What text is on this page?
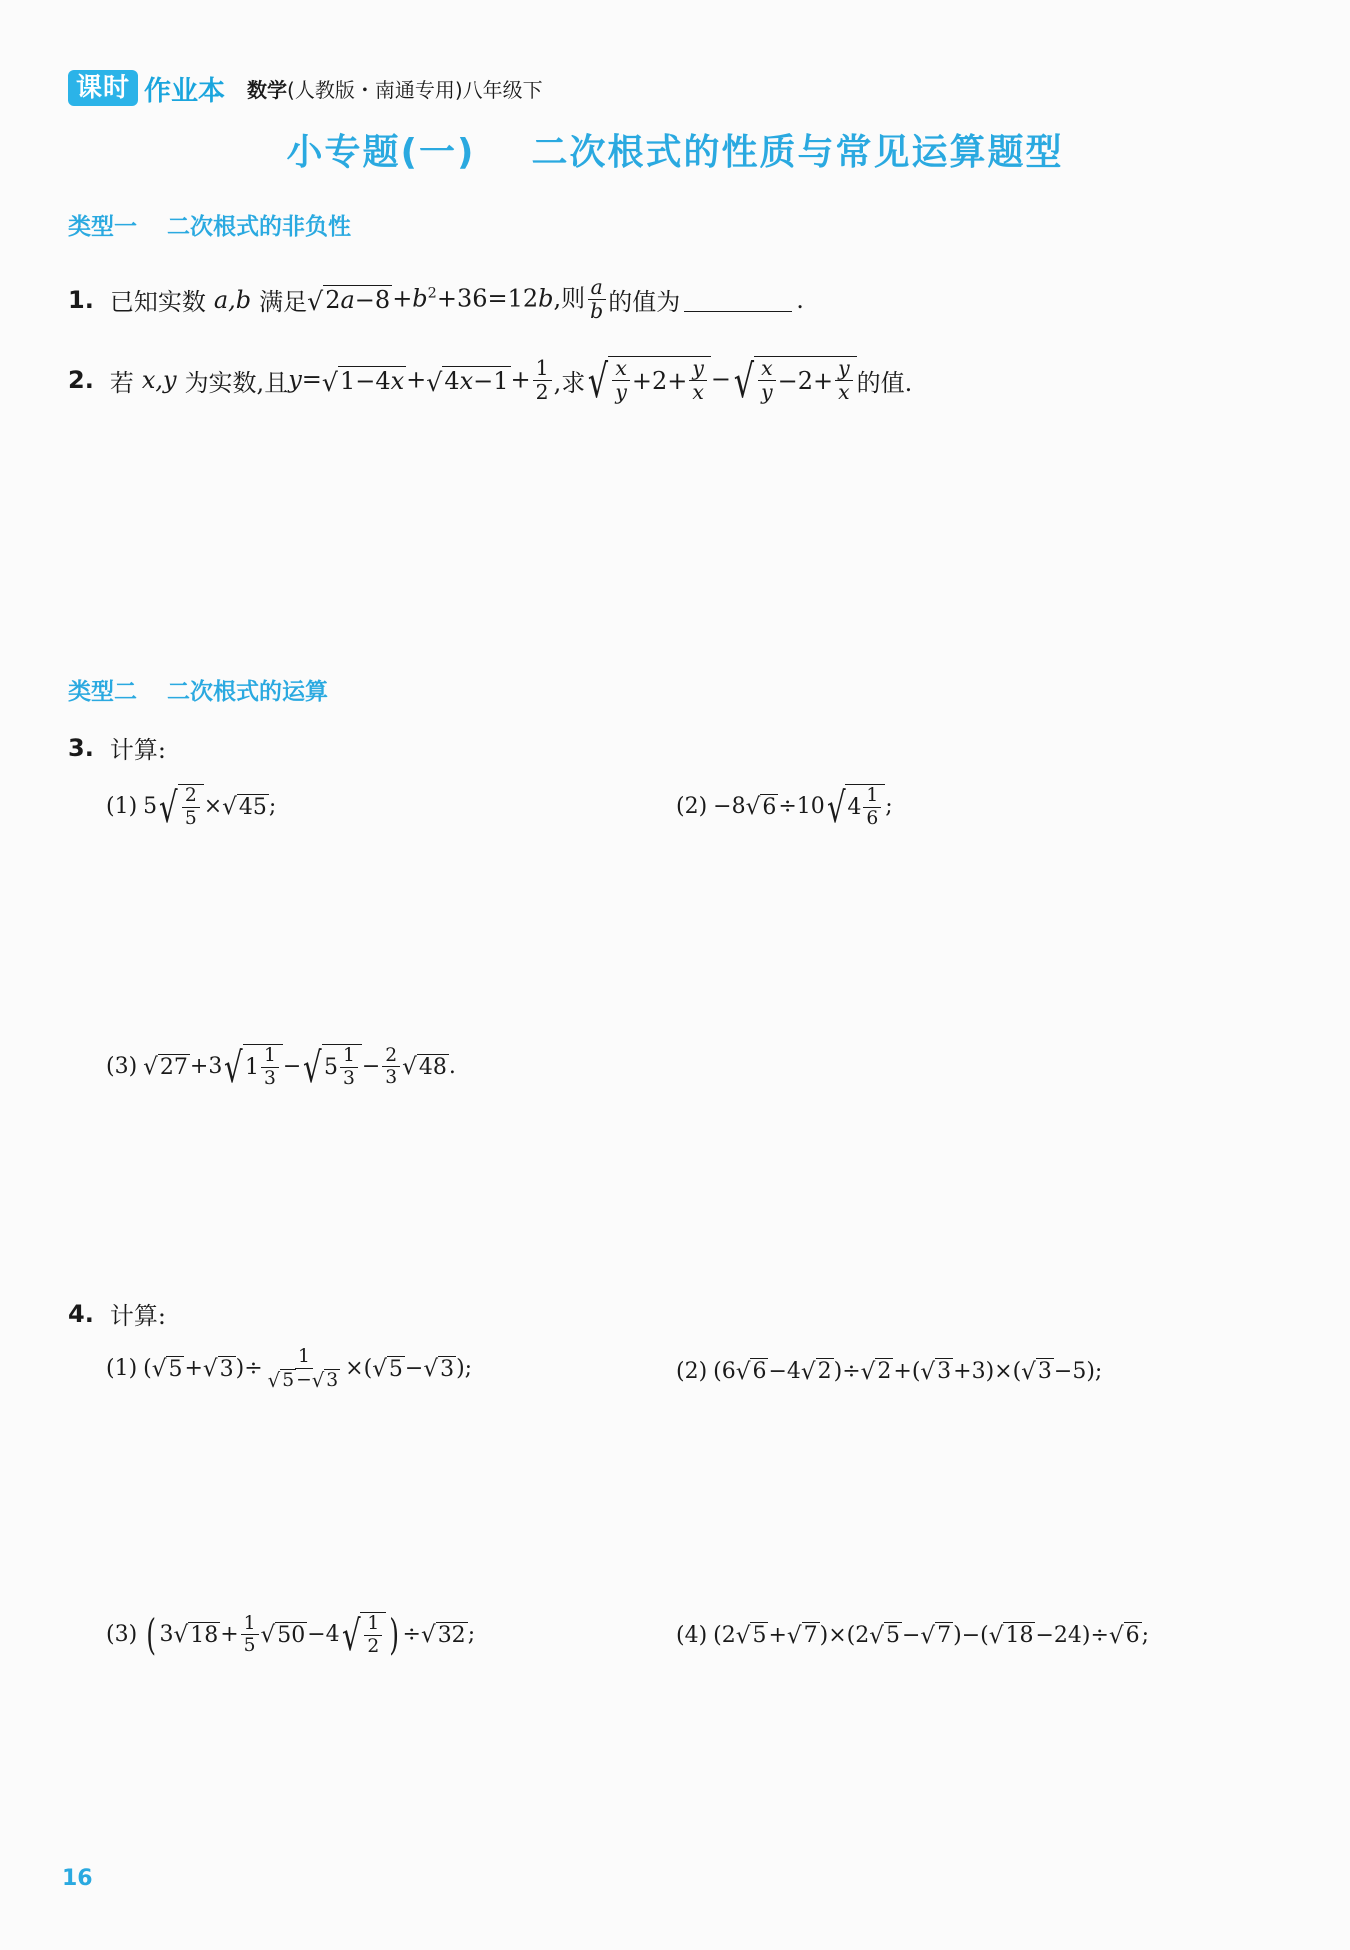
课时 作业本 数学 (人教版・南通专用)八年级下
小专题(一) 二次根式的性质与常见运算题型
类型一 二次根式的非负性
1. 已知实数 a,b 满足 √ 2 $a -8 +b^2+36=12b$,则 $\frac{a}{b}$ 的值为	.
2. 若 x,y 为实数,且 y= √ 1−4 x + √ 4 $x -1 + \frac{1}{2}$ ,求 √ x
y +2+ y
x − √ x
y −2+ y
x 的值.
类型二 二次根式的运算
3. 计算:
(1) 5 √ 2
5 × √ 45 ;	(2) −8 √ 6 ÷10 √ 4 1
6 ;
(3) √ 27 +3 √ 1 1
3 − √ 5 1
3 − 2
3 √ 48 .
4. 计算:
(1) ( √ 5 + √ 3 )÷ 1
√ 5 − √ 3 ×( √ 5 − √ 3 );	(2) (6 √ 6 −4 √ 2 )÷ √ 2 +( √ 3 +3)×( √ 3 −5);
(3) ( 3 √ 18 + 1
5 √ 50 −4 √ 1
2 ) ÷ √ 32 ;	(4) (2 √ 5 + √ 7 )×(2 √ 5 − √ 7 )−( √ 18 −24)÷ √ 6 ;
16
